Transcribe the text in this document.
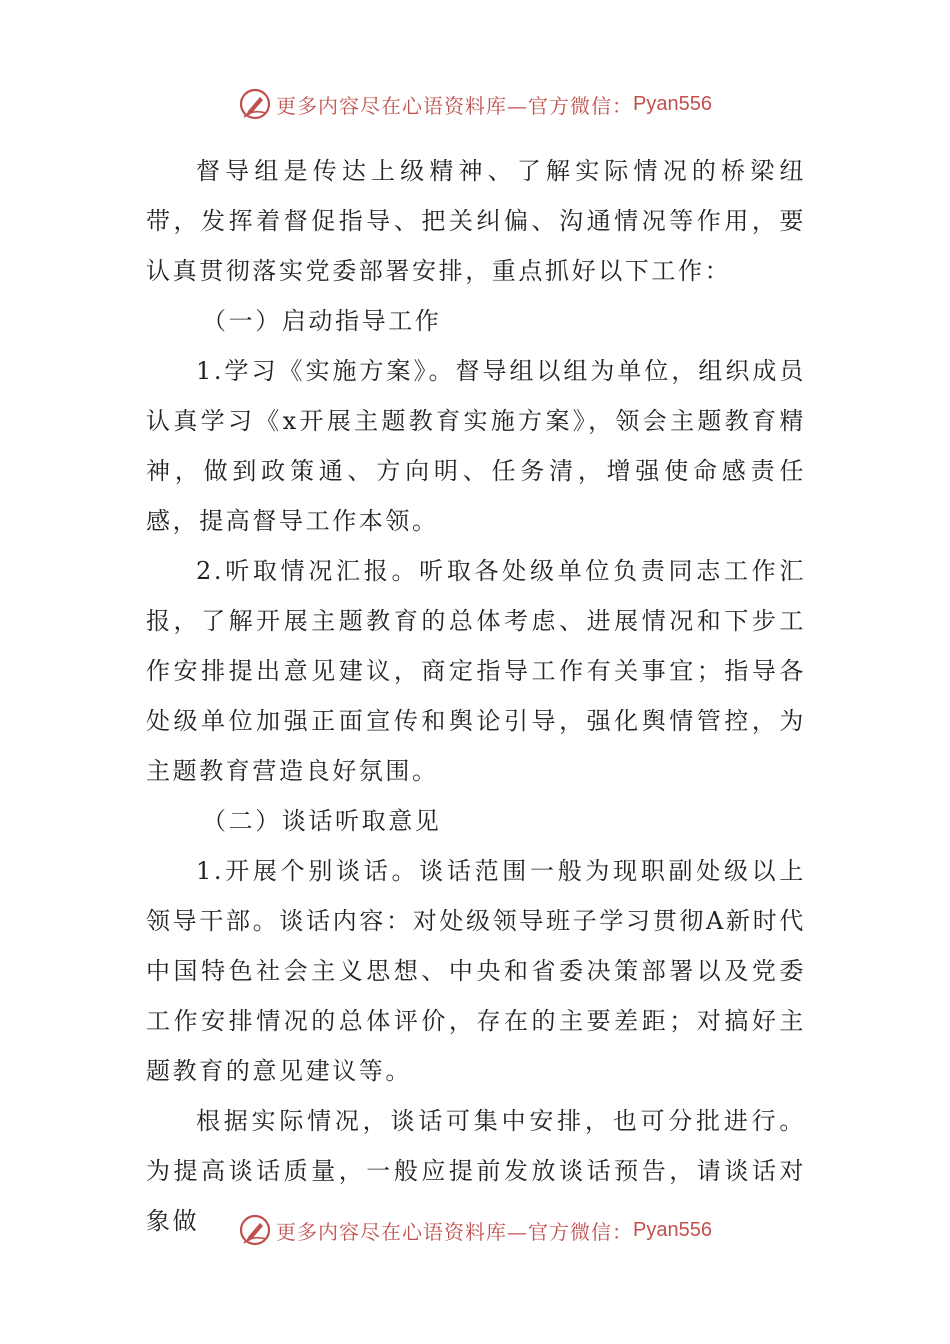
更多内容尽在心语资料库—官方微信： Pyan556

督导组是传达上级精神、了解实际情况的桥梁纽带，发挥着督促指导、把关纠偏、沟通情况等作用，要认真贯彻落实党委部署安排，重点抓好以下工作：

（一）启动指导工作

1.学习《实施方案》。督导组以组为单位，组织成员认真学习《x开展主题教育实施方案》，领会主题教育精神，做到政策通、方向明、任务清，增强使命感责任感，提高督导工作本领。

2.听取情况汇报。听取各处级单位负责同志工作汇报，了解开展主题教育的总体考虑、进展情况和下步工作安排提出意见建议，商定指导工作有关事宜；指导各处级单位加强正面宣传和舆论引导，强化舆情管控，为主题教育营造良好氛围。

（二）谈话听取意见

1.开展个别谈话。谈话范围一般为现职副处级以上领导干部。谈话内容：对处级领导班子学习贯彻A新时代中国特色社会主义思想、中央和省委决策部署以及党委工作安排情况的总体评价，存在的主要差距；对搞好主题教育的意见建议等。

根据实际情况，谈话可集中安排，也可分批进行。为提高谈话质量，一般应提前发放谈话预告，请谈话对象做	更多内容尽在心语资料库—官方微信： Pyan556
